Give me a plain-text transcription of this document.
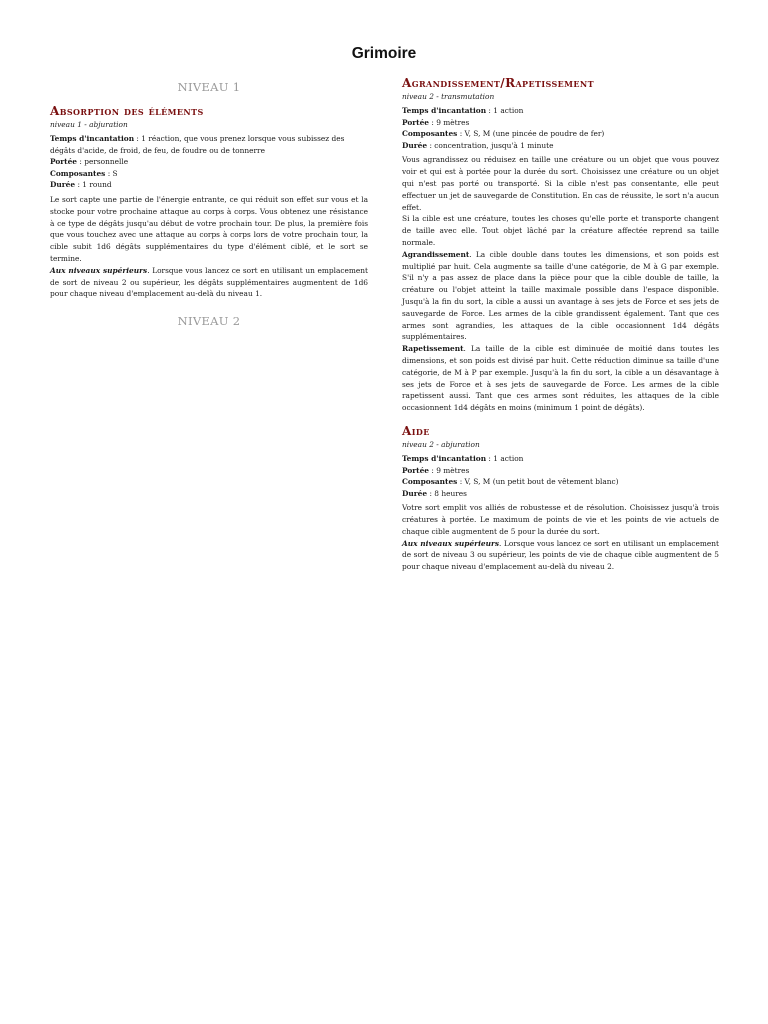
Grimoire
NIVEAU 1
Absorption des éléments
niveau 1 - abjuration

Temps d'incantation : 1 réaction, que vous prenez lorsque vous subissez des dégâts d'acide, de froid, de feu, de foudre ou de tonnerre

Portée : personnelle

Composantes : S

Durée : 1 round

Le sort capte une partie de l'énergie entrante, ce qui réduit son effet sur vous et la stocke pour votre prochaine attaque au corps à corps. Vous obtenez une résistance à ce type de dégâts jusqu'au début de votre prochain tour. De plus, la première fois que vous touchez avec une attaque au corps à corps lors de votre prochain tour, la cible subit 1d6 dégâts supplémentaires du type d'élément ciblé, et le sort se termine.

Aux niveaux supérieurs. Lorsque vous lancez ce sort en utilisant un emplacement de sort de niveau 2 ou supérieur, les dégâts supplémentaires augmentent de 1d6 pour chaque niveau d'emplacement au-delà du niveau 1.

NIVEAU 2
Agrandissement/Rapetissement
niveau 2 - transmutation

Temps d'incantation : 1 action

Portée : 9 mètres

Composantes : V, S, M (une pincée de poudre de fer)

Durée : concentration, jusqu'à 1 minute

Vous agrandissez ou réduisez en taille une créature ou un objet que vous pouvez voir et qui est à portée pour la durée du sort. Choisissez une créature ou un objet qui n'est pas porté ou transporté. Si la cible n'est pas consentante, elle peut effectuer un jet de sauvegarde de Constitution. En cas de réussite, le sort n'a aucun effet.

Si la cible est une créature, toutes les choses qu'elle porte et transporte changent de taille avec elle. Tout objet lâché par la créature affectée reprend sa taille normale.

Agrandissement. La cible double dans toutes les dimensions, et son poids est multiplié par huit. Cela augmente sa taille d'une catégorie, de M à G par exemple. S'il n'y a pas assez de place dans la pièce pour que la cible double de taille, la créature ou l'objet atteint la taille maximale possible dans l'espace disponible. Jusqu'à la fin du sort, la cible a aussi un avantage à ses jets de Force et ses jets de sauvegarde de Force. Les armes de la cible grandissent également. Tant que ces armes sont agrandies, les attaques de la cible occasionnent 1d4 dégâts supplémentaires.

Rapetissement. La taille de la cible est diminuée de moitié dans toutes les dimensions, et son poids est divisé par huit. Cette réduction diminue sa taille d'une catégorie, de M à P par exemple. Jusqu'à la fin du sort, la cible a un désavantage à ses jets de Force et à ses jets de sauvegarde de Force. Les armes de la cible rapetissent aussi. Tant que ces armes sont réduites, les attaques de la cible occasionnent 1d4 dégâts en moins (minimum 1 point de dégâts).

Aide
niveau 2 - abjuration

Temps d'incantation : 1 action

Portée : 9 mètres

Composantes : V, S, M (un petit bout de vêtement blanc)

Durée : 8 heures

Votre sort emplit vos alliés de robustesse et de résolution. Choisissez jusqu'à trois créatures à portée. Le maximum de points de vie et les points de vie actuels de chaque cible augmentent de 5 pour la durée du sort.

Aux niveaux supérieurs. Lorsque vous lancez ce sort en utilisant un emplacement de sort de niveau 3 ou supérieur, les points de vie de chaque cible augmentent de 5 pour chaque niveau d'emplacement au-delà du niveau 2.
